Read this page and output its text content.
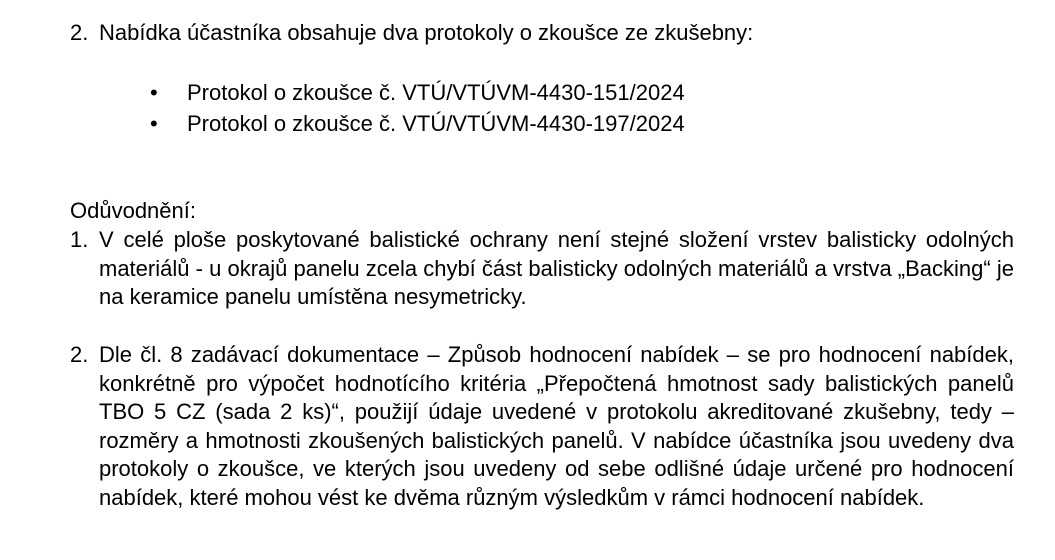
2. Nabídka účastníka obsahuje dva protokoly o zkoušce ze zkušebny:
• Protokol o zkoušce č. VTÚ/VTÚVM-4430-151/2024
• Protokol o zkoušce č. VTÚ/VTÚVM-4430-197/2024
Odůvodnění:
1. V celé ploše poskytované balistické ochrany není stejné složení vrstev balisticky odolných materiálů - u okrajů panelu zcela chybí část balisticky odolných materiálů a vrstva „Backing“ je na keramice panelu umístěna nesymetricky.
2. Dle čl. 8 zadávací dokumentace – Způsob hodnocení nabídek – se pro hodnocení nabídek, konkrétně pro výpočet hodnotícího kritéria „Přepočtená hmotnost sady balistických panelů TBO 5 CZ (sada 2 ks)“, použijí údaje uvedené v protokolu akreditované zkušebny, tedy – rozměry a hmotnosti zkoušených balistických panelů. V nabídce účastníka jsou uvedeny dva protokoly o zkoušce, ve kterých jsou uvedeny od sebe odlišné údaje určené pro hodnocení nabídek, které mohou vést ke dvěma různým výsledkům v rámci hodnocení nabídek.
